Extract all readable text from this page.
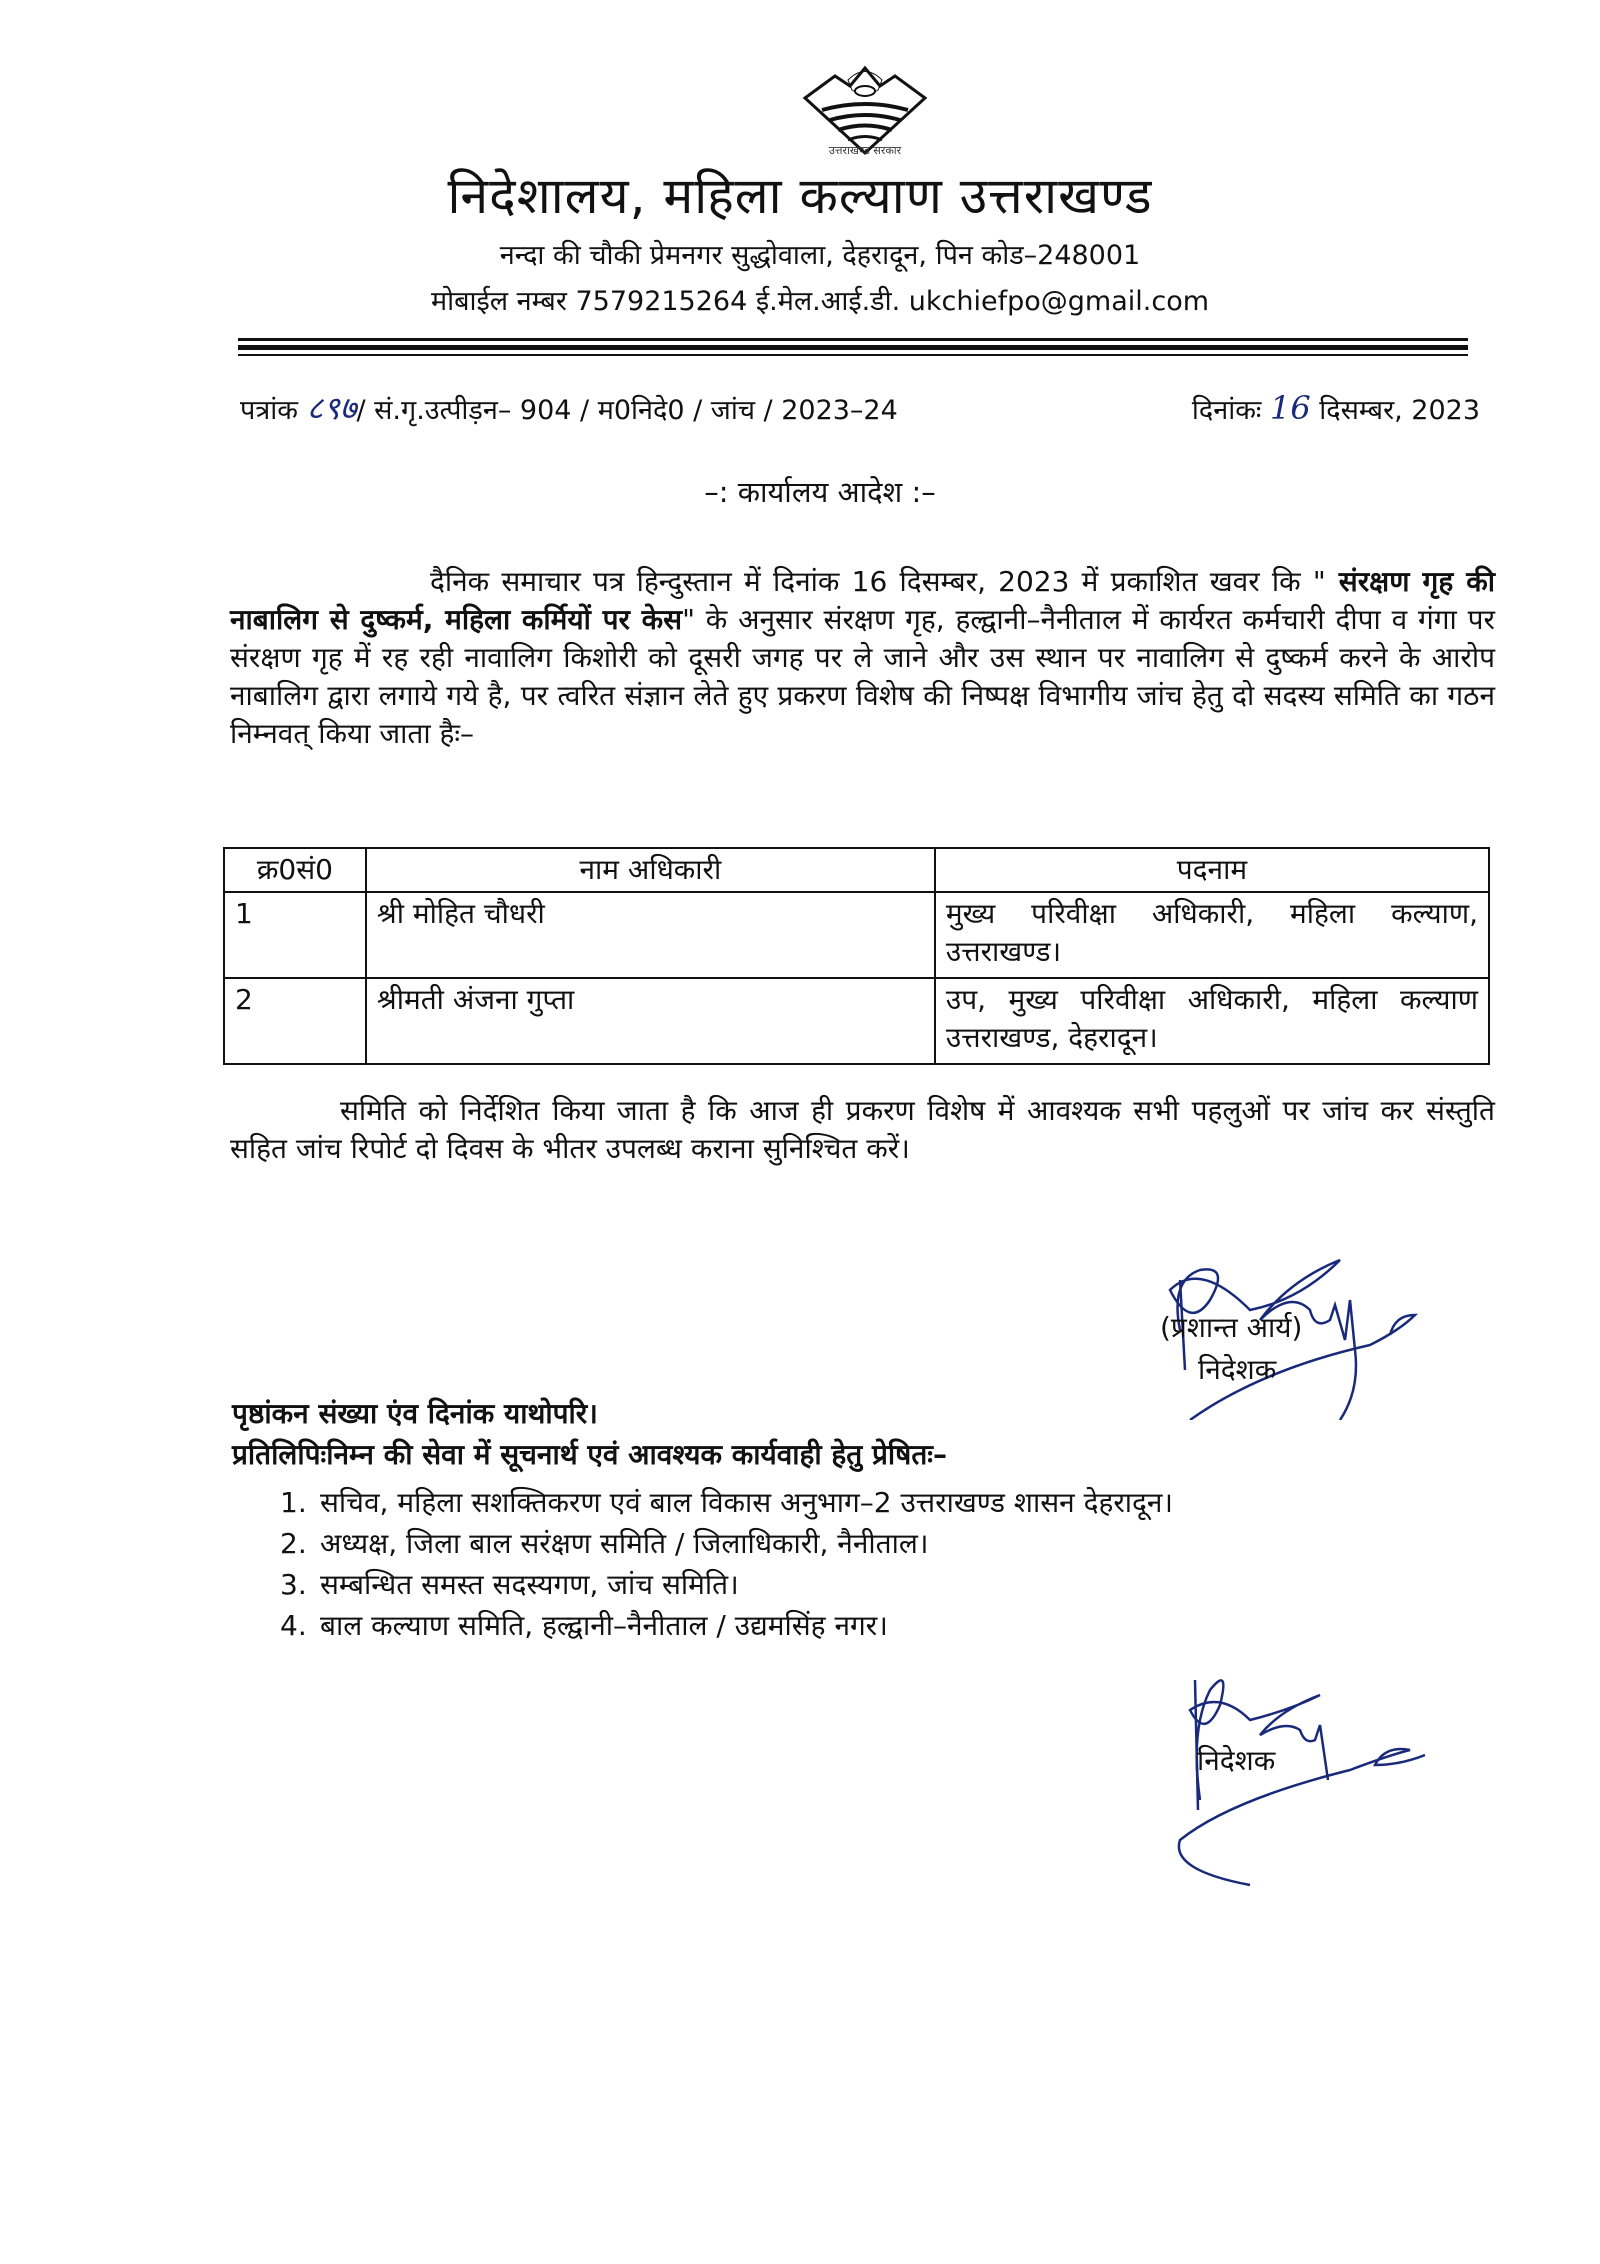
उत्तराखण्ड सरकार
निदेशालय, महिला कल्याण उत्तराखण्ड
नन्दा की चौकी प्रेमनगर सुद्धोवाला, देहरादून, पिन कोड–248001
मोबाईल नम्बर 7579215264 ई.मेल.आई.डी. ukchiefpo@gmail.com
पत्रांक ८९७/ सं.गृ.उत्पीड़न– 904 / म0निदे0 / जांच / 2023–24	दिनांकः 16 दिसम्बर, 2023
–: कार्यालय आदेश :–
दैनिक समाचार पत्र हिन्दुस्तान में दिनांक 16 दिसम्बर, 2023 में प्रकाशित खवर कि " संरक्षण गृह की नाबालिग से दुष्कर्म, महिला कर्मियों पर केस" के अनुसार संरक्षण गृह, हल्द्वानी–नैनीताल में कार्यरत कर्मचारी दीपा व गंगा पर संरक्षण गृह में रह रही नावालिग किशोरी को दूसरी जगह पर ले जाने और उस स्थान पर नावालिग से दुष्कर्म करने के आरोप नाबालिग द्वारा लगाये गये है, पर त्वरित संज्ञान लेते हुए प्रकरण विशेष की निष्पक्ष विभागीय जांच हेतु दो सदस्य समिति का गठन निम्नवत् किया जाता हैः–
क्र0सं0	नाम अधिकारी	पदनाम
1	श्री मोहित चौधरी	मुख्य परिवीक्षा अधिकारी, महिला कल्याण, उत्तराखण्ड।
2	श्रीमती अंजना गुप्ता	उप, मुख्य परिवीक्षा अधिकारी, महिला कल्याण उत्तराखण्ड, देहरादून।
समिति को निर्देशित किया जाता है कि आज ही प्रकरण विशेष में आवश्यक सभी पहलुओं पर जांच कर संस्तुति सहित जांच रिपोर्ट दो दिवस के भीतर उपलब्ध कराना सुनिश्चित करें।
(प्रशान्त आर्य)
निदेशक
पृष्ठांकन संख्या एंव दिनांक याथोपरि।
प्रतिलिपिःनिम्न की सेवा में सूचनार्थ एवं आवश्यक कार्यवाही हेतु प्रेषितः–
1. सचिव, महिला सशक्तिकरण एवं बाल विकास अनुभाग–2 उत्तराखण्ड शासन देहरादून।
2. अध्यक्ष, जिला बाल सरंक्षण समिति / जिलाधिकारी, नैनीताल।
3. सम्बन्धित समस्त सदस्यगण, जांच समिति।
4. बाल कल्याण समिति, हल्द्वानी–नैनीताल / उद्यमसिंह नगर।
निदेशक
